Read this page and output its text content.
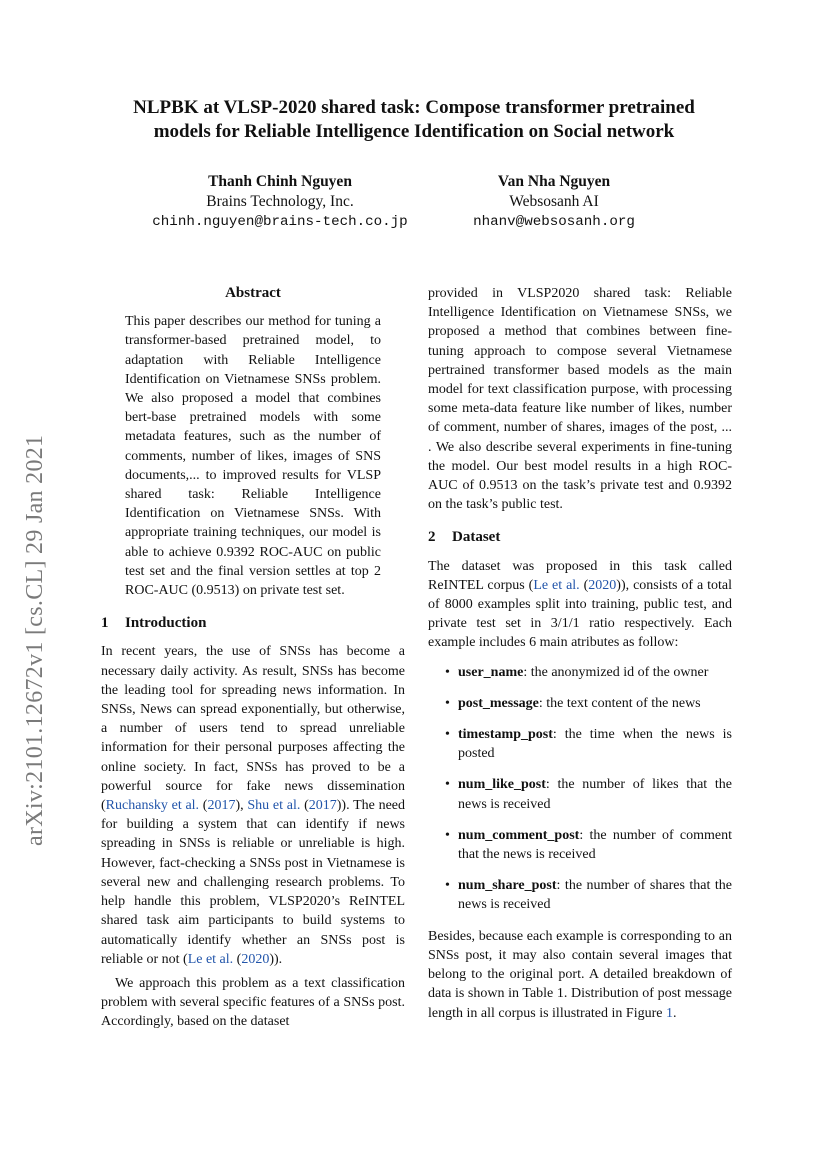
arXiv:2101.12672v1 [cs.CL] 29 Jan 2021
NLPBK at VLSP-2020 shared task: Compose transformer pretrained
models for Reliable Intelligence Identification on Social network
Thanh Chinh Nguyen
Brains Technology, Inc.
chinh.nguyen@brains-tech.co.jp
Van Nha Nguyen
Websosanh AI
nhanv@websosanh.org
Abstract

This paper describes our method for tuning a transformer-based pretrained model, to adaptation with Reliable Intelligence Identification on Vietnamese SNSs problem. We also proposed a model that combines bert-base pretrained models with some metadata features, such as the number of comments, number of likes, images of SNS documents,... to improved results for VLSP shared task: Reliable Intelligence Identification on Vietnamese SNSs. With appropriate training techniques, our model is able to achieve 0.9392 ROC-AUC on public test set and the final version settles at top 2 ROC-AUC (0.9513) on private test set.

1 Introduction

In recent years, the use of SNSs has become a necessary daily activity. As result, SNSs has become the leading tool for spreading news information. In SNSs, News can spread exponentially, but otherwise, a number of users tend to spread unreliable information for their personal purposes affecting the online society. In fact, SNSs has proved to be a powerful source for fake news dissemination (Ruchansky et al. (2017), Shu et al. (2017)). The need for building a system that can identify if news spreading in SNSs is reliable or unreliable is high. However, fact-checking a SNSs post in Vietnamese is several new and challenging research problems. To help handle this problem, VLSP2020’s ReINTEL shared task aim participants to build systems to automatically identify whether an SNSs post is reliable or not (Le et al. (2020)).

We approach this problem as a text classification problem with several specific features of a SNSs post. Accordingly, based on the dataset

provided in VLSP2020 shared task: Reliable Intelligence Identification on Vietnamese SNSs, we proposed a method that combines between fine-tuning approach to compose several Vietnamese pertrained transformer based models as the main model for text classification purpose, with processing some meta-data feature like number of likes, number of comment, number of shares, images of the post, ... . We also describe several experiments in fine-tuning the model. Our best model results in a high ROC-AUC of 0.9513 on the task’s private test and 0.9392 on the task’s public test.

2 Dataset

The dataset was proposed in this task called ReINTEL corpus (Le et al. (2020)), consists of a total of 8000 examples split into training, public test, and private test set in 3/1/1 ratio respectively. Each example includes 6 main atributes as follow:

• user_name: the anonymized id of the owner
• post_message: the text content of the news
• timestamp_post: the time when the news is posted
• num_like_post: the number of likes that the news is received
• num_comment_post: the number of comment that the news is received
• num_share_post: the number of shares that the news is received

Besides, because each example is corresponding to an SNSs post, it may also contain several images that belong to the original port. A detailed breakdown of data is shown in Table 1. Distribution of post message length in all corpus is illustrated in Figure 1.
